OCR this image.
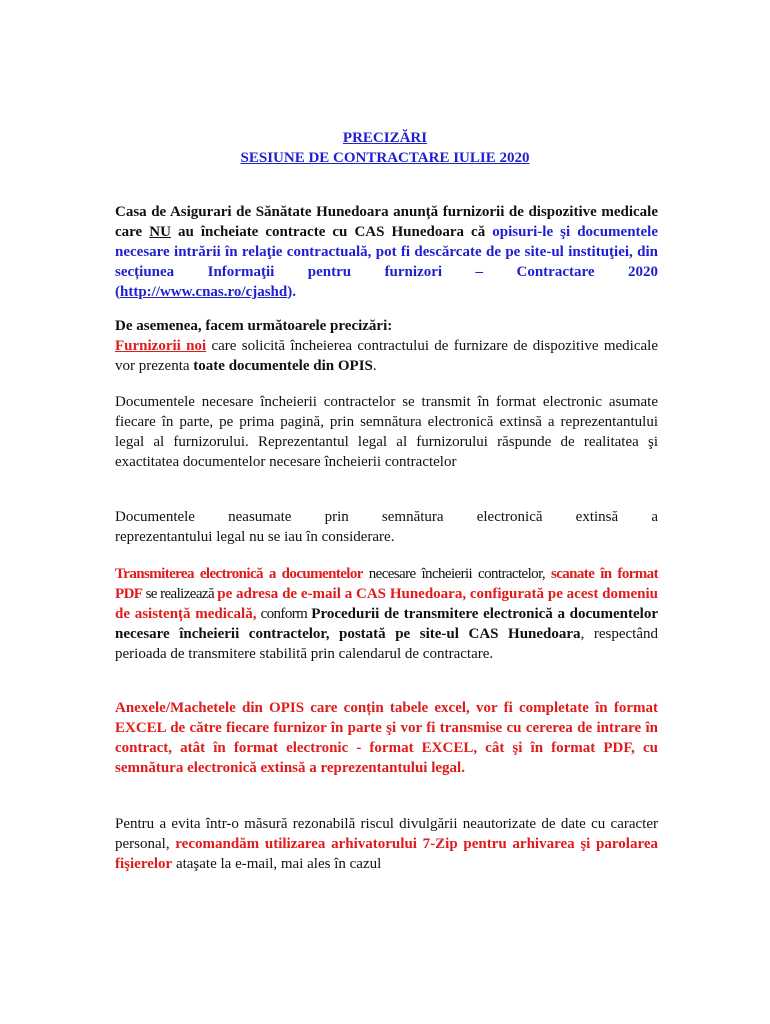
PRECIZĂRI
SESIUNE DE CONTRACTARE IULIE 2020

Casa de Asigurari de Sănătate Hunedoara anunță furnizorii de dispozitive medicale care NU au încheiate contracte cu CAS Hunedoara că opisuri-le şi documentele necesare intrării în relaţie contractuală, pot fi descărcate de pe site-ul instituţiei, din secțiunea Informaţii pentru furnizori – Contractare 2020 (http://www.cnas.ro/cjashd).

De asemenea, facem următoarele precizări:
Furnizorii noi care solicită încheierea contractului de furnizare de dispozitive medicale vor prezenta toate documentele din OPIS.

Documentele necesare încheierii contractelor se transmit în format electronic asumate fiecare în parte, pe prima pagină, prin semnătura electronică extinsă a reprezentantului legal al furnizorului. Reprezentantul legal al furnizorului răspunde de realitatea şi exactitatea documentelor necesare încheierii contractelor

Documentele neasumate prin semnătura electronică extinsă a
reprezentantului legal nu se iau în considerare.

Transmiterea electronică a documentelor necesare încheierii contractelor, scanate în format PDF se realizează pe adresa de e-mail a CAS Hunedoara, configurată pe acest domeniu de asistență medicală, conform Procedurii de transmitere electronică a documentelor necesare încheierii contractelor, postată pe site-ul CAS Hunedoara, respectând perioada de transmitere stabilită prin calendarul de contractare.

Anexele/Machetele din OPIS care conțin tabele excel, vor fi completate în format EXCEL de către fiecare furnizor în parte şi vor fi transmise cu cererea de intrare în contract, atât în format electronic - format EXCEL, cât şi în format PDF, cu semnătura electronică extinsă a reprezentantului legal.

Pentru a evita într-o măsură rezonabilă riscul divulgării neautorizate de date cu caracter personal, recomandăm utilizarea arhivatorului 7-Zip pentru arhivarea şi parolarea fişierelor ataşate la e-mail, mai ales în cazul
